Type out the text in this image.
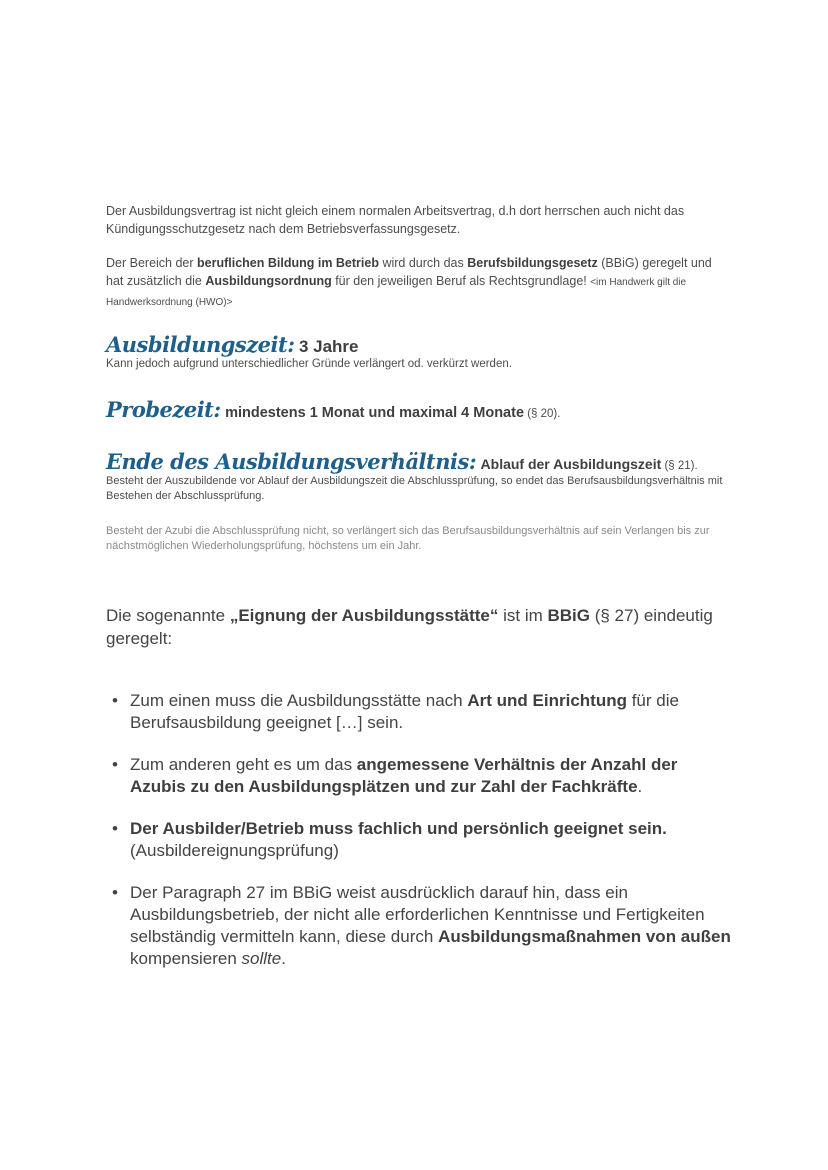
Der Ausbildungsvertrag ist nicht gleich einem normalen Arbeitsvertrag, d.h dort herrschen auch nicht das Kündigungsschutzgesetz nach dem Betriebsverfassungsgesetz.

Der Bereich der beruflichen Bildung im Betrieb wird durch das Berufsbildungsgesetz (BBiG) geregelt und hat zusätzlich die Ausbildungsordnung für den jeweiligen Beruf als Rechtsgrundlage! <im Handwerk gilt die Handwerksordnung (HWO)>

Ausbildungszeit: 3 Jahre

Kann jedoch aufgrund unterschiedlicher Gründe verlängert od. verkürzt werden.

Probezeit: mindestens 1 Monat und maximal 4 Monate (§ 20).

Ende des Ausbildungsverhältnis: Ablauf der Ausbildungszeit (§ 21).

Besteht der Auszubildende vor Ablauf der Ausbildungszeit die Abschlussprüfung, so endet das Berufsausbildungsverhältnis mit Bestehen der Abschlussprüfung.

Besteht der Azubi die Abschlussprüfung nicht, so verlängert sich das Berufsausbildungsverhältnis auf sein Verlangen bis zur nächstmöglichen Wiederholungsprüfung, höchstens um ein Jahr.

Die sogenannte „Eignung der Ausbildungsstätte“ ist im BBiG (§ 27) eindeutig geregelt:

• Zum einen muss die Ausbildungsstätte nach Art und Einrichtung für die Berufsausbildung geeignet […] sein.
• Zum anderen geht es um das angemessene Verhältnis der Anzahl der Azubis zu den Ausbildungsplätzen und zur Zahl der Fachkräfte.
• Der Ausbilder/Betrieb muss fachlich und persönlich geeignet sein. (Ausbildereignungsprüfung)
• Der Paragraph 27 im BBiG weist ausdrücklich darauf hin, dass ein Ausbildungsbetrieb, der nicht alle erforderlichen Kenntnisse und Fertigkeiten selbständig vermitteln kann, diese durch Ausbildungsmaßnahmen von außen kompensieren sollte.
